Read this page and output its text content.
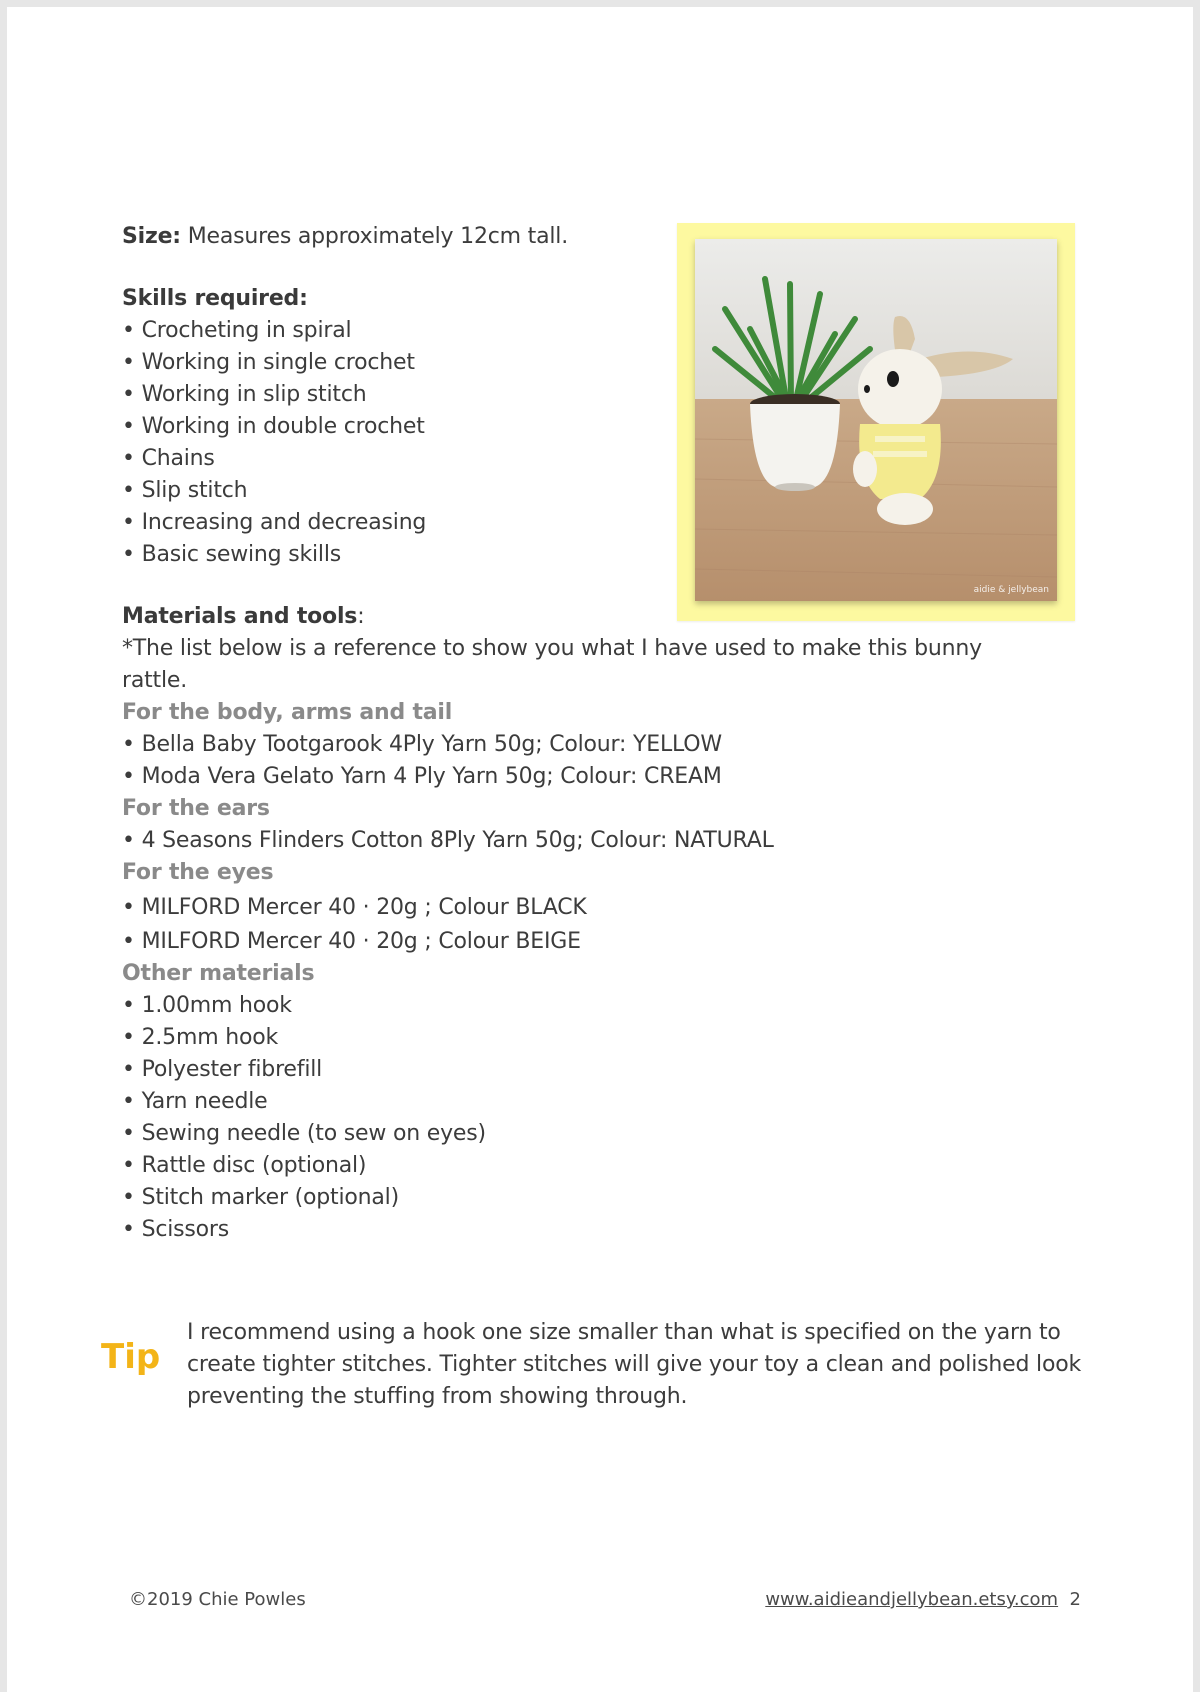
Size: Measures approximately 12cm tall.
Skills required:
• Crocheting in spiral
• Working in single crochet
• Working in slip stitch
• Working in double crochet
• Chains
• Slip stitch
• Increasing and decreasing
• Basic sewing skills
Materials and tools:
*The list below is a reference to show you what I have used to make this bunny rattle.
For the body, arms and tail
• Bella Baby Tootgarook 4Ply Yarn 50g; Colour: YELLOW
• Moda Vera Gelato Yarn 4 Ply Yarn 50g; Colour: CREAM
For the ears
• 4 Seasons Flinders Cotton 8Ply Yarn 50g; Colour: NATURAL
For the eyes
• MILFORD Mercer 40 · 20g ; Colour BLACK
• MILFORD Mercer 40 · 20g ; Colour BEIGE
Other materials
• 1.00mm hook
• 2.5mm hook
• Polyester fibrefill
• Yarn needle
• Sewing needle (to sew on eyes)
• Rattle disc (optional)
• Stitch marker (optional)
• Scissors
aidie & jellybean
Tip
I recommend using a hook one size smaller than what is specified on the yarn to create tighter stitches. Tighter stitches will give your toy a clean and polished look preventing the stuffing from showing through.
©2019 Chie Powles	www.aidieandjellybean.etsy.com 2
